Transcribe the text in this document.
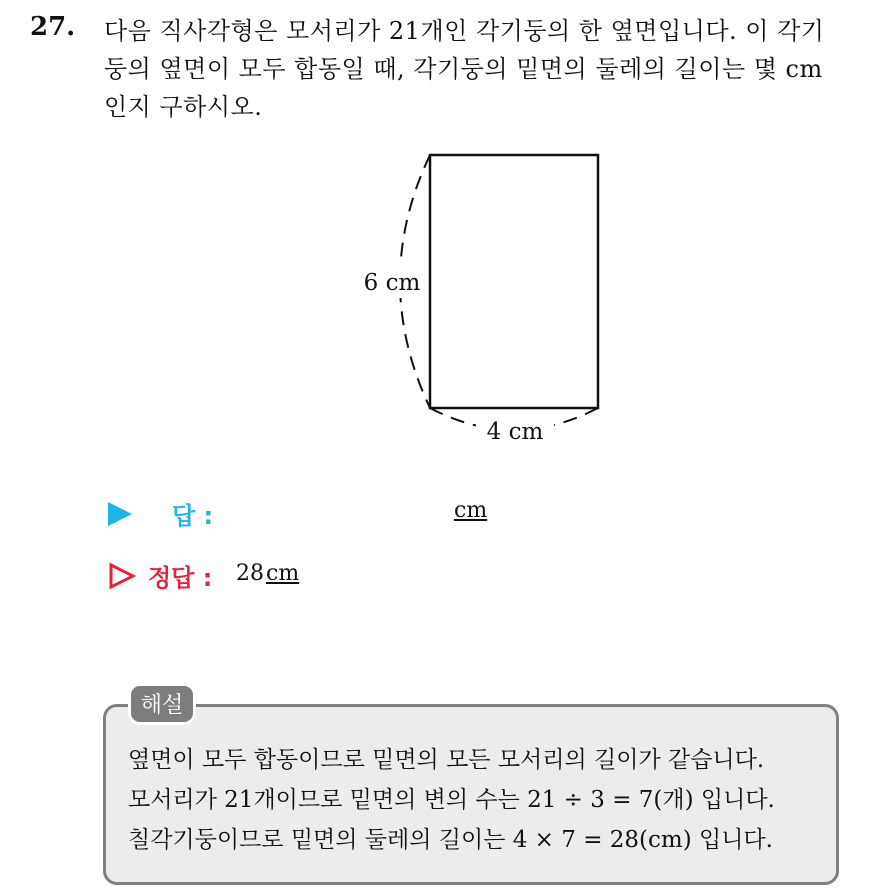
27. 다음 직사각형은 모서리가 21개인 각기둥의 한 옆면입니다. 이 각기
둥의 옆면이 모두 합동일 때, 각기둥의 밑면의 둘레의 길이는 몇 cm
인지 구하시오.
6 cm
4 cm
답 :	cm
정답 : 28cm
해설
옆면이 모두 합동이므로 밑면의 모든 모서리의 길이가 같습니다.
모서리가 21개이므로 밑면의 변의 수는 21 ÷ 3 = 7(개) 입니다.
칠각기둥이므로 밑면의 둘레의 길이는 4 × 7 = 28(cm) 입니다.
